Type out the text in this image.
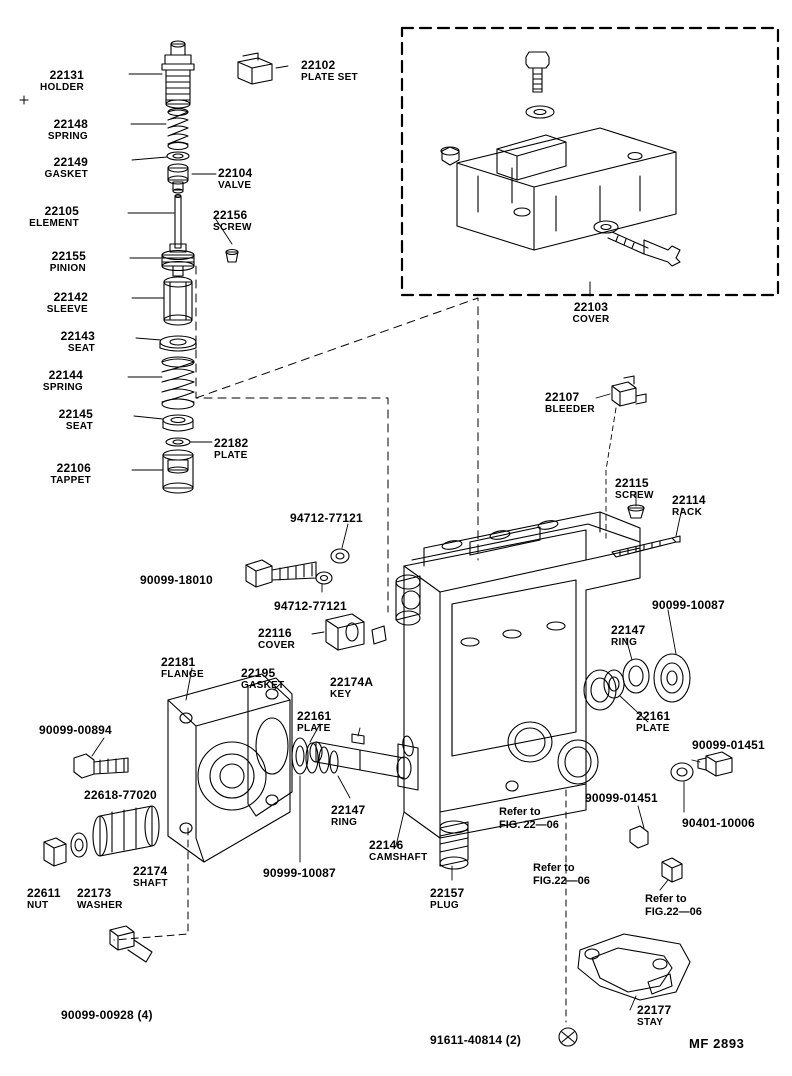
22131
HOLDER
22102
PLATE SET
22148
SPRING
22149
GASKET	22104
VALVE
22105
ELEMENT
22156
SCREW
22155
PINION
22142
SLEEVE
22143
SEAT
22144
SPRING
22145
SEAT
22182
PLATE
22106
TAPPET
22107
BLEEDER
22115
SCREW 22114
RACK
94712-77121
90099-18010
94712-77121	90099-10087
22116
COVER
22147
RING
22181
FLANGE	22195
GASKET	22174A
KEY
22161
PLATE
22161
PLATE
90099-00894
90099-01451
22618-77020	90099-01451
22147
RING	90401-10006
22146
CAMSHAFT
90999-10087
22174
SHAFT
22611
NUT
22173
WASHER
22157
PLUG
22177
STAY
90099-00928 (4)
91611-40814 (2)
Refer to
FIG. 22—06
Refer to
FIG.22—06
Refer to
FIG.22—06
MF 2893
22103
COVER
